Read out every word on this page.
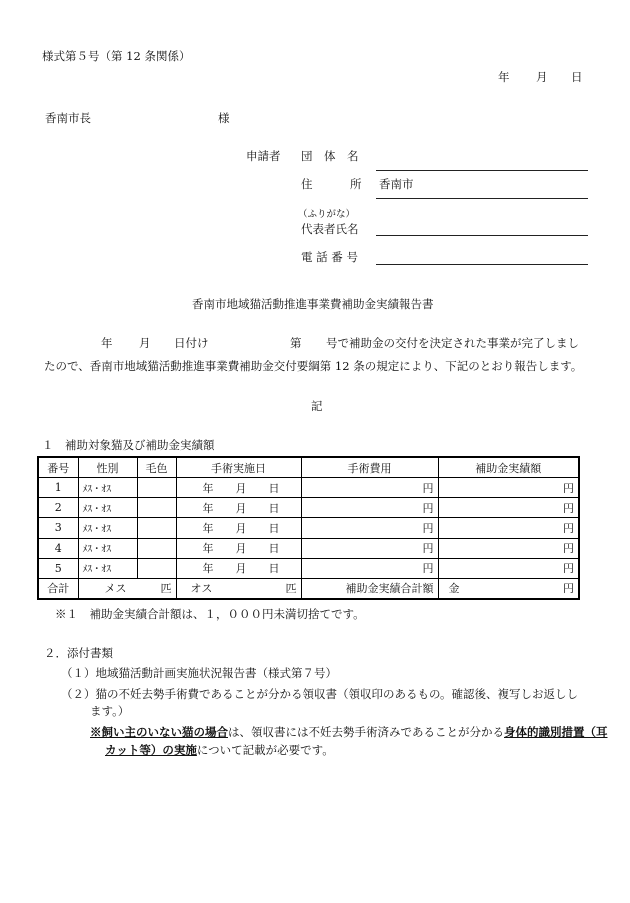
様式第５号（第 12 条関係）
年 月 日
香南市長	様
申請者 団　体　名
住	所 香南市
（ふりがな）
代表者氏名
電 話 番 号
香南市地域猫活動推進事業費補助金実績報告書
年 月 日付け	第 号で補助金の交付を決定された事業が完了しまし
たので、香南市地域猫活動推進事業費補助金交付要綱第 12 条の規定により、下記のとおり報告します。
記
１　補助対象猫及び補助金実績額
番号	性別	毛色	手術実施日	手術費用	補助金実績額
1	ﾒｽ・ｵｽ		年 月 日	円	円
2	ﾒｽ・ｵｽ		年 月 日	円	円
3	ﾒｽ・ｵｽ		年 月 日	円	円
4	ﾒｽ・ｵｽ		年 月 日	円	円
5	ﾒｽ・ｵｽ		年 月 日	円	円
合計	メス 匹		オス 匹	補助金実績合計額	金 円
※１　補助金実績合計額は、１，０００円未満切捨てです。
２．添付書類
（１）地域猫活動計画実施状況報告書（様式第７号）
（２）猫の不妊去勢手術費であることが分かる領収書（領収印のあるもの。確認後、複写しお返しし
ます。）
※飼い主のいない猫の場合は、領収書には不妊去勢手術済みであることが分かる身体的識別措置（耳
カット等）の実施について記載が必要です。
